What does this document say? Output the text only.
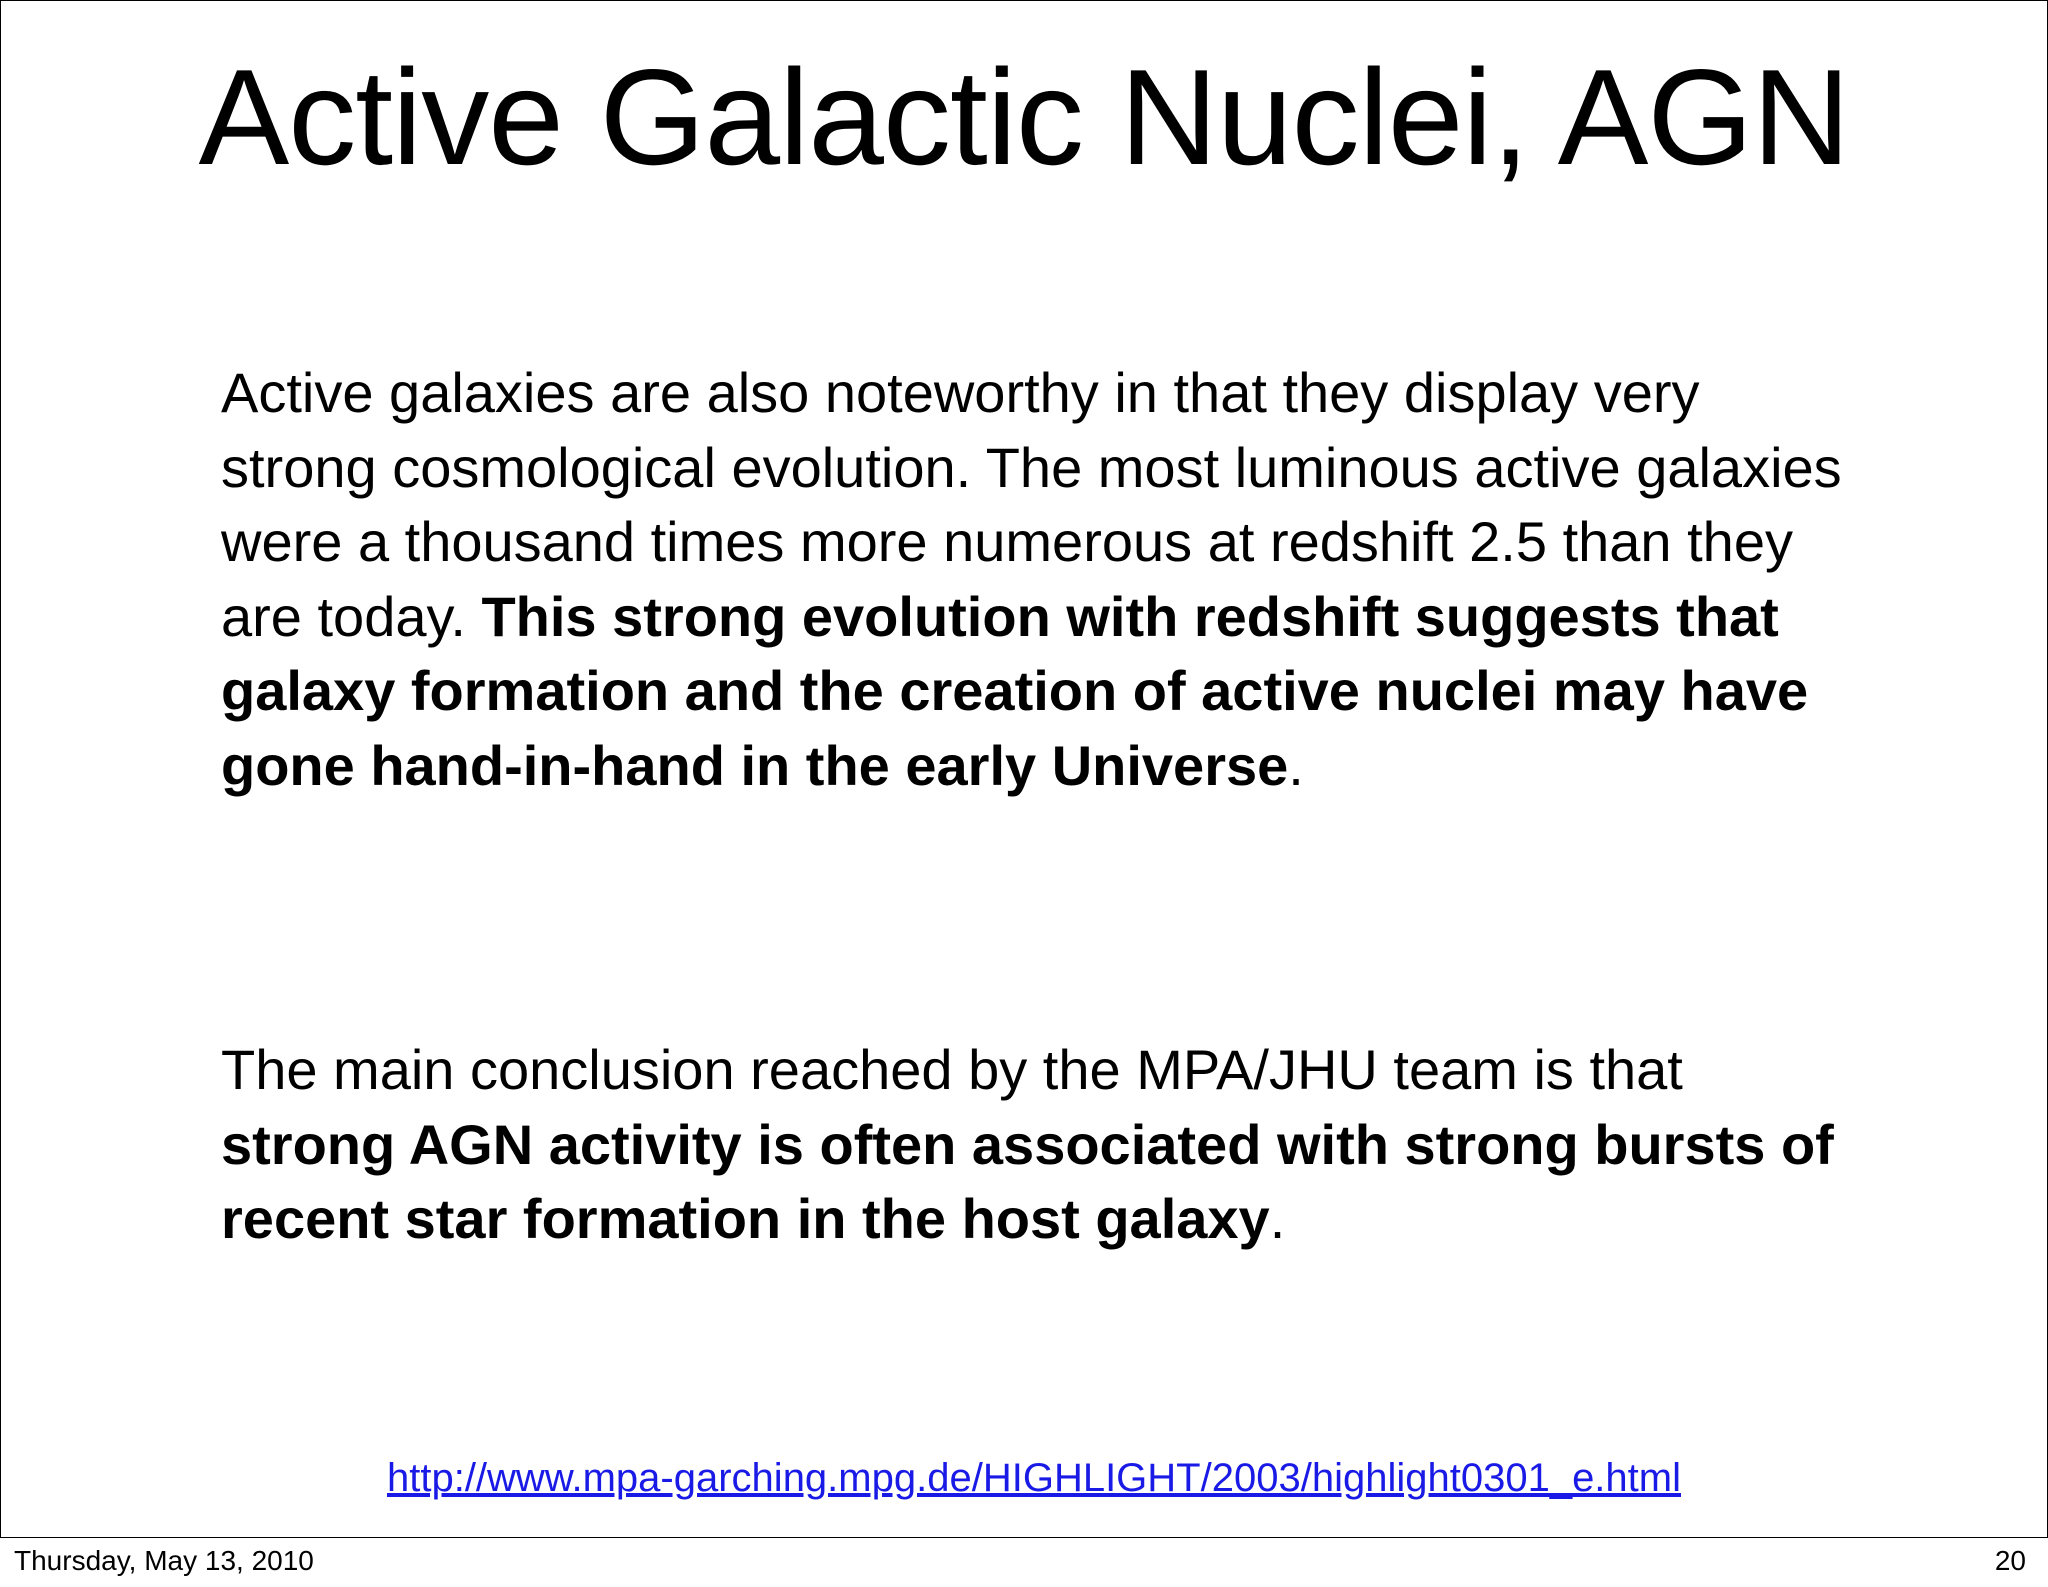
Active Galactic Nuclei, AGN

Active galaxies are also noteworthy in that they display very strong cosmological evolution. The most luminous active galaxies were a thousand times more numerous at redshift 2.5 than they are today. This strong evolution with redshift suggests that galaxy formation and the creation of active nuclei may have gone hand-in-hand in the early Universe.

The main conclusion reached by the MPA/JHU team is that strong AGN activity is often associated with strong bursts of recent star formation in the host galaxy.

http://www.mpa-garching.mpg.de/HIGHLIGHT/2003/highlight0301_e.html
Thursday, May 13, 2010	20
